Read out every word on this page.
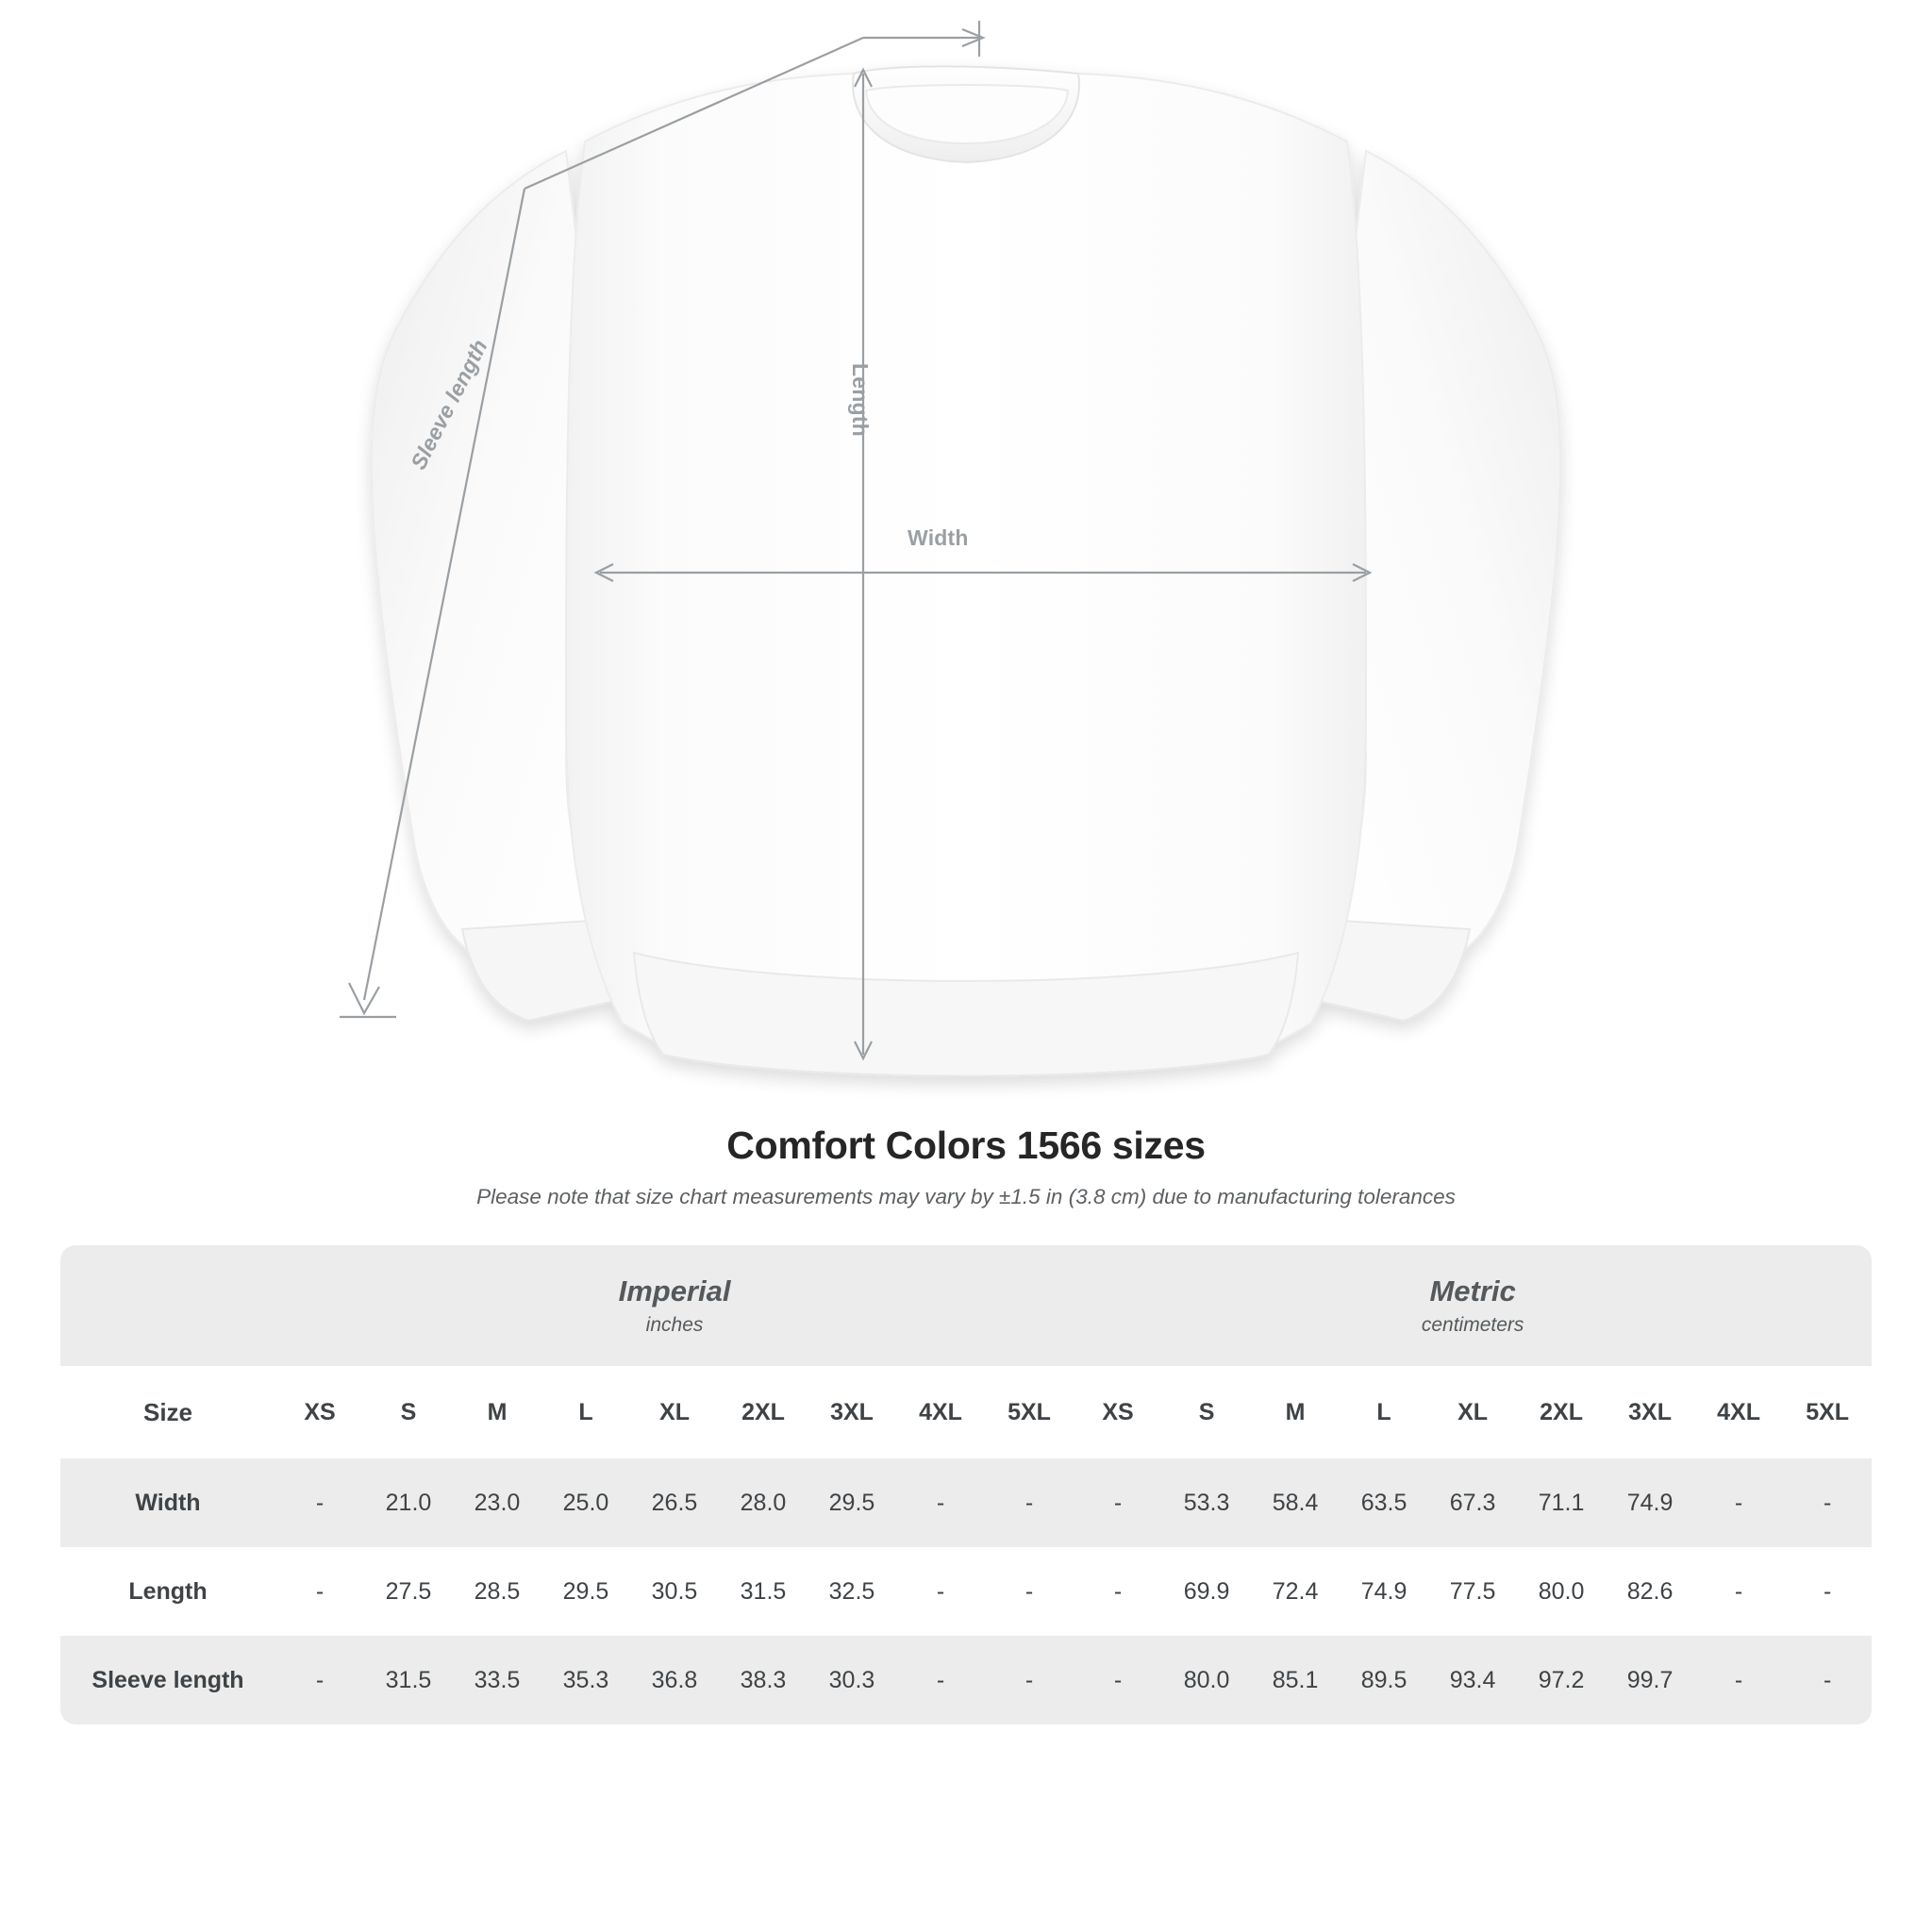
Length
Width
Sleeve length
Comfort Colors 1566 sizes
Please note that size chart measurements may vary by ±1.5 in (3.8 cm) due to manufacturing tolerances

Imperial
inches

Metric
centimeters

Size	XS	S	M	L	XL	2XL	3XL	4XL	5XL	XS	S	M	L	XL	2XL	3XL	4XL	5XL
Width	-	21.0	23.0	25.0	26.5	28.0	29.5	-	-	-	53.3	58.4	63.5	67.3	71.1	74.9	-	-
Length	-	27.5	28.5	29.5	30.5	31.5	32.5	-	-	-	69.9	72.4	74.9	77.5	80.0	82.6	-	-
Sleeve length	-	31.5	33.5	35.3	36.8	38.3	30.3	-	-	-	80.0	85.1	89.5	93.4	97.2	99.7	-	-
